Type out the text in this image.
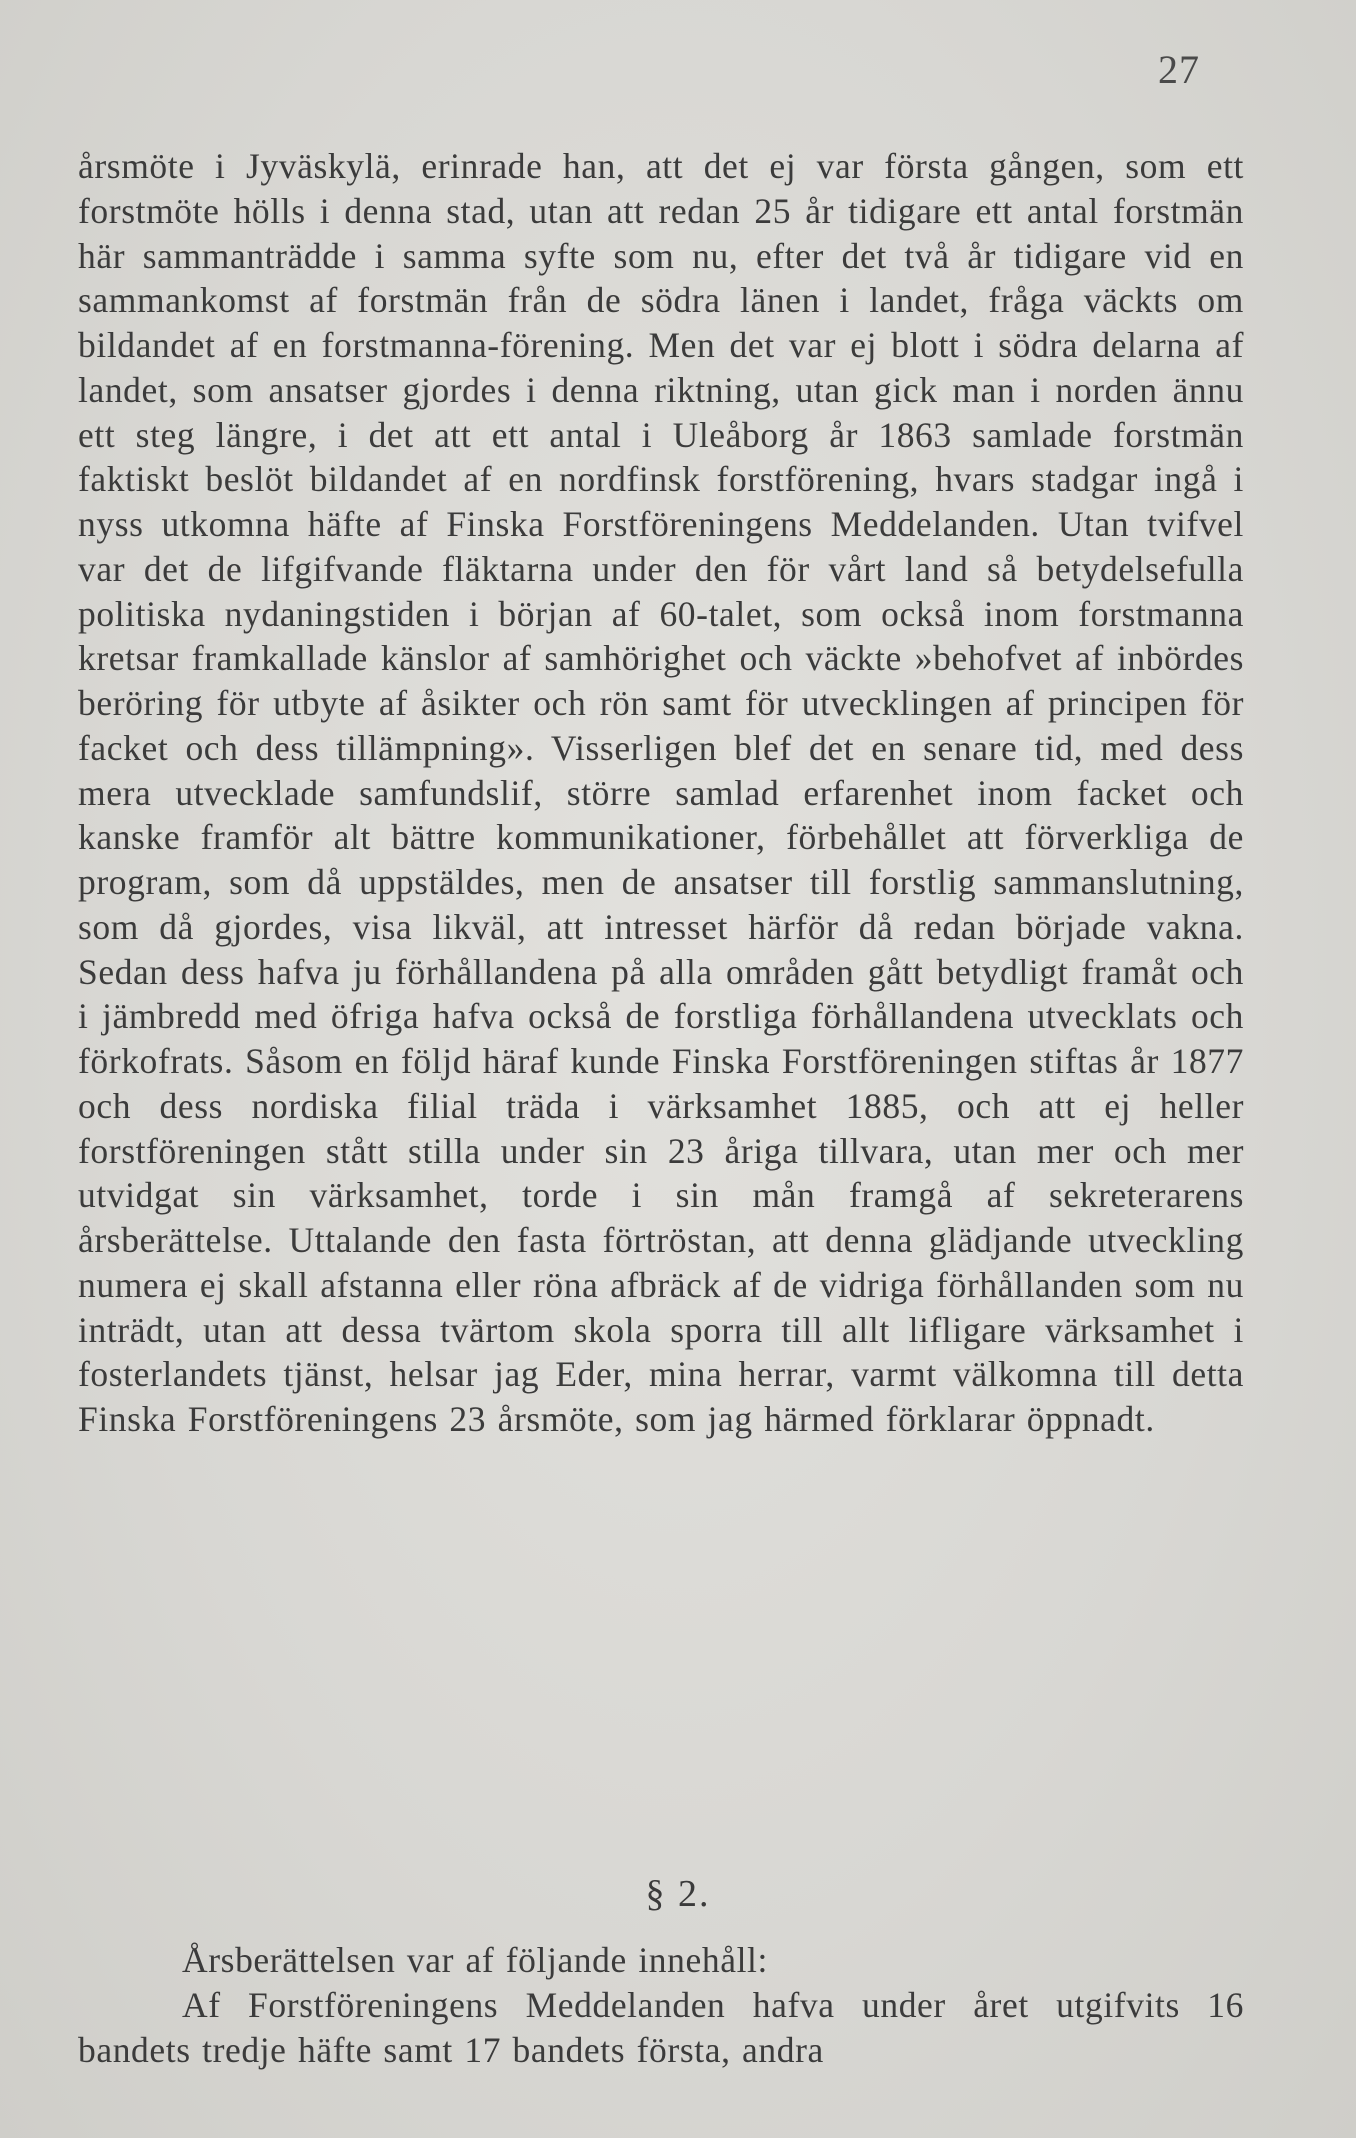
27
årsmöte i Jyväskylä, erinrade han, att det ej var första gången, som ett forstmöte hölls i denna stad, utan att redan 25 år tidigare ett antal forstmän här sammanträdde i samma syfte som nu, efter det två år tidigare vid en sammankomst af forstmän från de södra länen i landet, fråga väckts om bildandet af en forstmanna-förening. Men det var ej blott i södra delarna af landet, som ansatser gjordes i denna riktning, utan gick man i norden ännu ett steg längre, i det att ett antal i Uleåborg år 1863 samlade forstmän faktiskt beslöt bildandet af en nordfinsk forstförening, hvars stadgar ingå i nyss utkomna häfte af Finska Forstföreningens Meddelanden. Utan tvifvel var det de lifgifvande fläktarna under den för vårt land så betydelsefulla politiska nydaningstiden i början af 60-talet, som också inom forstmanna kretsar framkallade känslor af samhörighet och väckte »behofvet af inbördes beröring för utbyte af åsikter och rön samt för utvecklingen af principen för facket och dess tillämpning». Visserligen blef det en senare tid, med dess mera utvecklade samfundslif, större samlad erfarenhet inom facket och kanske framför alt bättre kommunikationer, förbehållet att förverkliga de program, som då uppstäldes, men de ansatser till forstlig sammanslutning, som då gjordes, visa likväl, att intresset härför då redan började vakna. Sedan dess hafva ju förhållandena på alla områden gått betydligt framåt och i jämbredd med öfriga hafva också de forstliga förhållandena utvecklats och förkofrats. Såsom en följd häraf kunde Finska Forstföreningen stiftas år 1877 och dess nordiska filial träda i värksamhet 1885, och att ej heller forstföreningen stått stilla under sin 23 åriga tillvara, utan mer och mer utvidgat sin värksamhet, torde i sin mån framgå af sekreterarens årsberättelse. Uttalande den fasta förtröstan, att denna glädjande utveckling numera ej skall afstanna eller röna afbräck af de vidriga förhållanden som nu inträdt, utan att dessa tvärtom skola sporra till allt lifligare värksamhet i fosterlandets tjänst, helsar jag Eder, mina herrar, varmt välkomna till detta Finska Forstföreningens 23 årsmöte, som jag härmed förklarar öppnadt.
§ 2.

Årsberättelsen var af följande innehåll:

Af Forstföreningens Meddelanden hafva under året utgifvits 16 bandets tredje häfte samt 17 bandets första, andra
